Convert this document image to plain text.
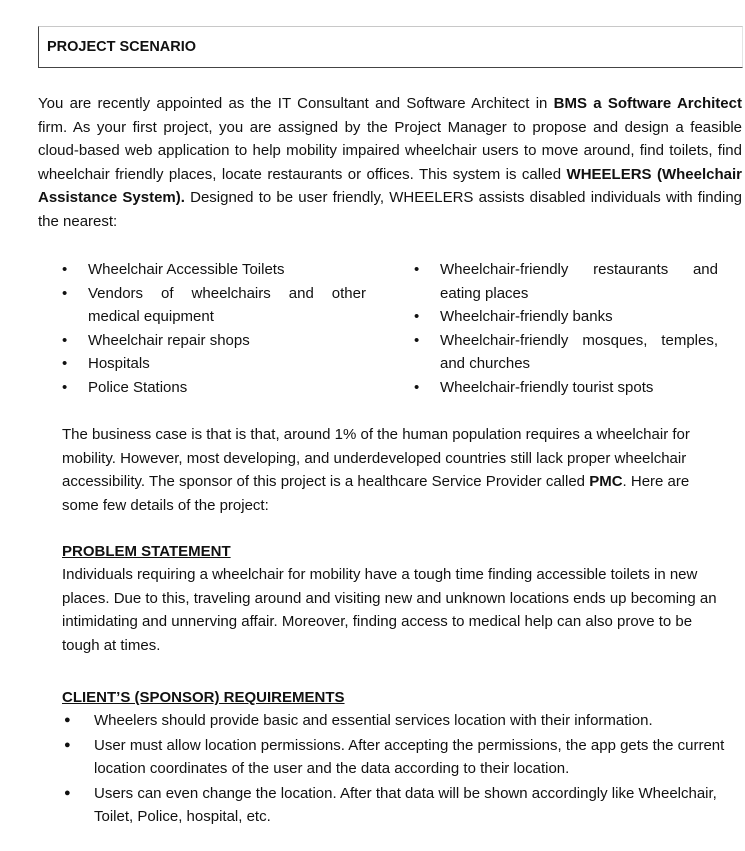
PROJECT SCENARIO

You are recently appointed as the IT Consultant and Software Architect in BMS a Software Architect firm. As your first project, you are assigned by the Project Manager to propose and design a feasible cloud-based web application to help mobility impaired wheelchair users to move around, find toilets, find wheelchair friendly places, locate restaurants or offices. This system is called WHEELERS (Wheelchair Assistance System). Designed to be user friendly, WHEELERS assists disabled individuals with finding the nearest:

• Wheelchair Accessible Toilets
• Vendors of wheelchairs and other medical equipment
• Wheelchair repair shops
• Hospitals
• Police Stations
• Wheelchair-friendly restaurants and eating places
• Wheelchair-friendly banks
• Wheelchair-friendly mosques, temples, and churches
• Wheelchair-friendly tourist spots

The business case is that is that, around 1% of the human population requires a wheelchair for mobility. However, most developing, and underdeveloped countries still lack proper wheelchair accessibility. The sponsor of this project is a healthcare Service Provider called PMC. Here are some few details of the project:

PROBLEM STATEMENT

Individuals requiring a wheelchair for mobility have a tough time finding accessible toilets in new places. Due to this, traveling around and visiting new and unknown locations ends up becoming an intimidating and unnerving affair. Moreover, finding access to medical help can also prove to be tough at times.

CLIENT’S (SPONSOR) REQUIREMENTS
● Wheelers should provide basic and essential services location with their information.
● User must allow location permissions. After accepting the permissions, the app gets the current location coordinates of the user and the data according to their location.
● Users can even change the location. After that data will be shown accordingly like Wheelchair, Toilet, Police, hospital, etc.
